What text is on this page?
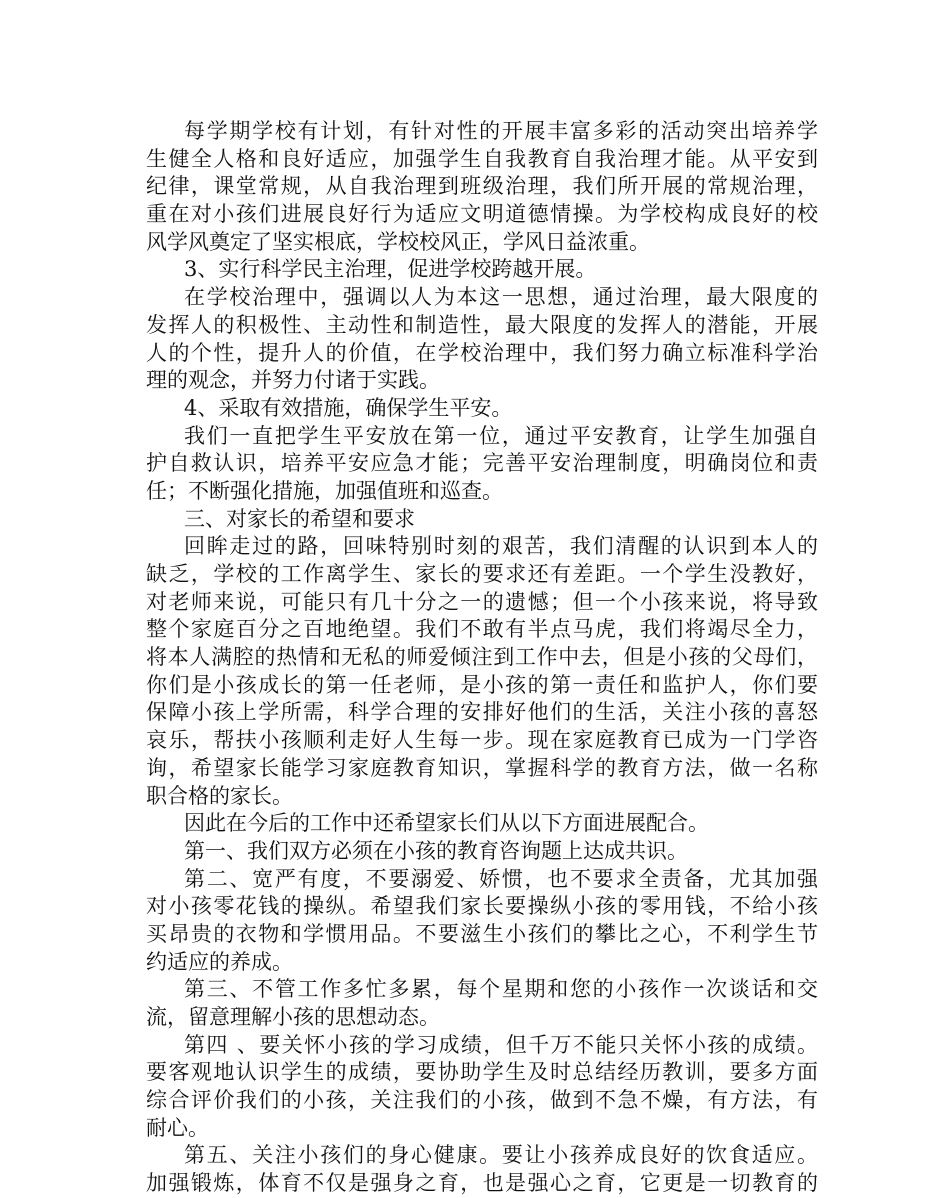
每学期学校有计划，有针对性的开展丰富多彩的活动突出培养学
生健全人格和良好适应，加强学生自我教育自我治理才能。从平安到
纪律，课堂常规，从自我治理到班级治理，我们所开展的常规治理，
重在对小孩们进展良好行为适应文明道德情操。为学校构成良好的校
风学风奠定了坚实根底，学校校风正，学风日益浓重。
3、实行科学民主治理，促进学校跨越开展。
在学校治理中，强调以人为本这一思想，通过治理，最大限度的
发挥人的积极性、主动性和制造性，最大限度的发挥人的潜能，开展
人的个性，提升人的价值，在学校治理中，我们努力确立标准科学治
理的观念，并努力付诸于实践。
4、采取有效措施，确保学生平安。
我们一直把学生平安放在第一位，通过平安教育，让学生加强自
护自救认识，培养平安应急才能；完善平安治理制度，明确岗位和责
任；不断强化措施，加强值班和巡查。
三、对家长的希望和要求
回眸走过的路，回味特别时刻的艰苦，我们清醒的认识到本人的
缺乏，学校的工作离学生、家长的要求还有差距。一个学生没教好，
对老师来说，可能只有几十分之一的遗憾；但一个小孩来说，将导致
整个家庭百分之百地绝望。我们不敢有半点马虎，我们将竭尽全力，
将本人满腔的热情和无私的师爱倾注到工作中去，但是小孩的父母们，
你们是小孩成长的第一任老师，是小孩的第一责任和监护人，你们要
保障小孩上学所需，科学合理的安排好他们的生活，关注小孩的喜怒
哀乐，帮扶小孩顺利走好人生每一步。现在家庭教育已成为一门学咨
询，希望家长能学习家庭教育知识，掌握科学的教育方法，做一名称
职合格的家长。
因此在今后的工作中还希望家长们从以下方面进展配合。
第一、我们双方必须在小孩的教育咨询题上达成共识。
第二、宽严有度，不要溺爱、娇惯，也不要求全责备，尤其加强
对小孩零花钱的操纵。希望我们家长要操纵小孩的零用钱，不给小孩
买昂贵的衣物和学惯用品。不要滋生小孩们的攀比之心，不利学生节
约适应的养成。
第三、不管工作多忙多累，每个星期和您的小孩作一次谈话和交
流，留意理解小孩的思想动态。
第四 、要关怀小孩的学习成绩，但千万不能只关怀小孩的成绩。
要客观地认识学生的成绩，要协助学生及时总结经历教训，要多方面
综合评价我们的小孩，关注我们的小孩，做到不急不燥，有方法，有
耐心。
第五、关注小孩们的身心健康。要让小孩养成良好的饮食适应。
加强锻炼，体育不仅是强身之育，也是强心之育，它更是一切教育的
